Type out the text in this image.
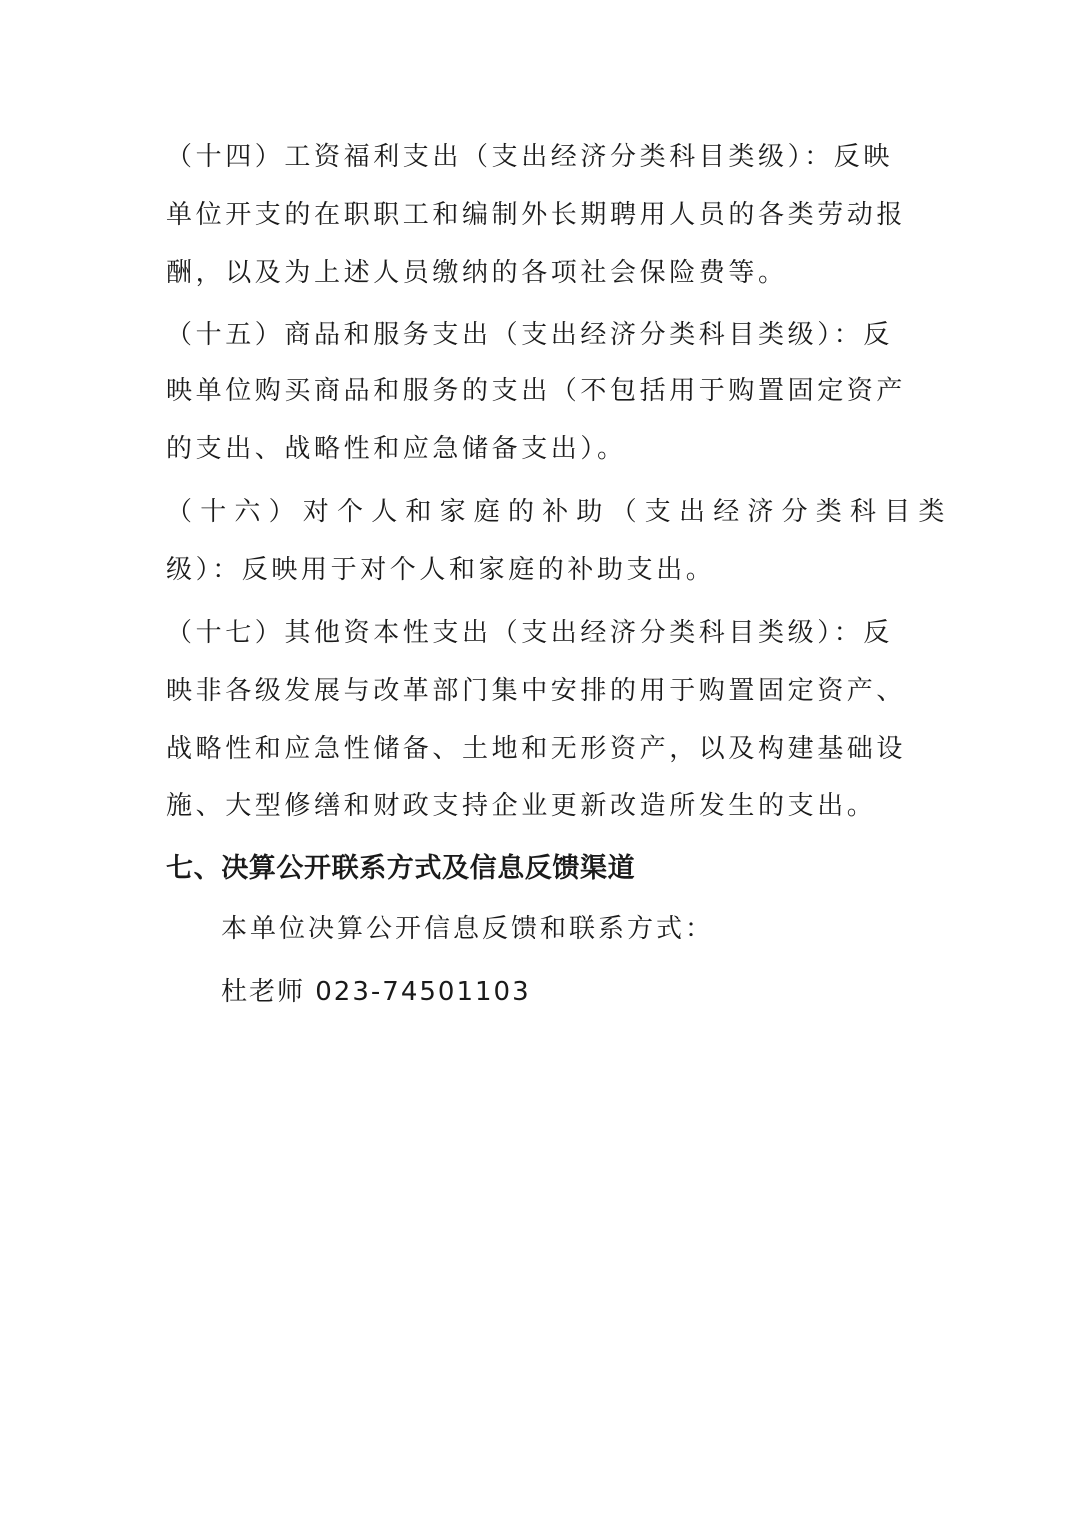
（十四）工资福利支出（支出经济分类科目类级）：反映

单位开支的在职职工和编制外长期聘用人员的各类劳动报

酬，以及为上述人员缴纳的各项社会保险费等。

（十五）商品和服务支出（支出经济分类科目类级）：反

映单位购买商品和服务的支出（不包括用于购置固定资产

的支出、战略性和应急储备支出）。

（十六）对个人和家庭的补助（支出经济分类科目类

级）：反映用于对个人和家庭的补助支出。

（十七）其他资本性支出（支出经济分类科目类级）：反

映非各级发展与改革部门集中安排的用于购置固定资产、

战略性和应急性储备、土地和无形资产，以及构建基础设

施、大型修缮和财政支持企业更新改造所发生的支出。

七、决算公开联系方式及信息反馈渠道

本单位决算公开信息反馈和联系方式：

杜老师 023-74501103
